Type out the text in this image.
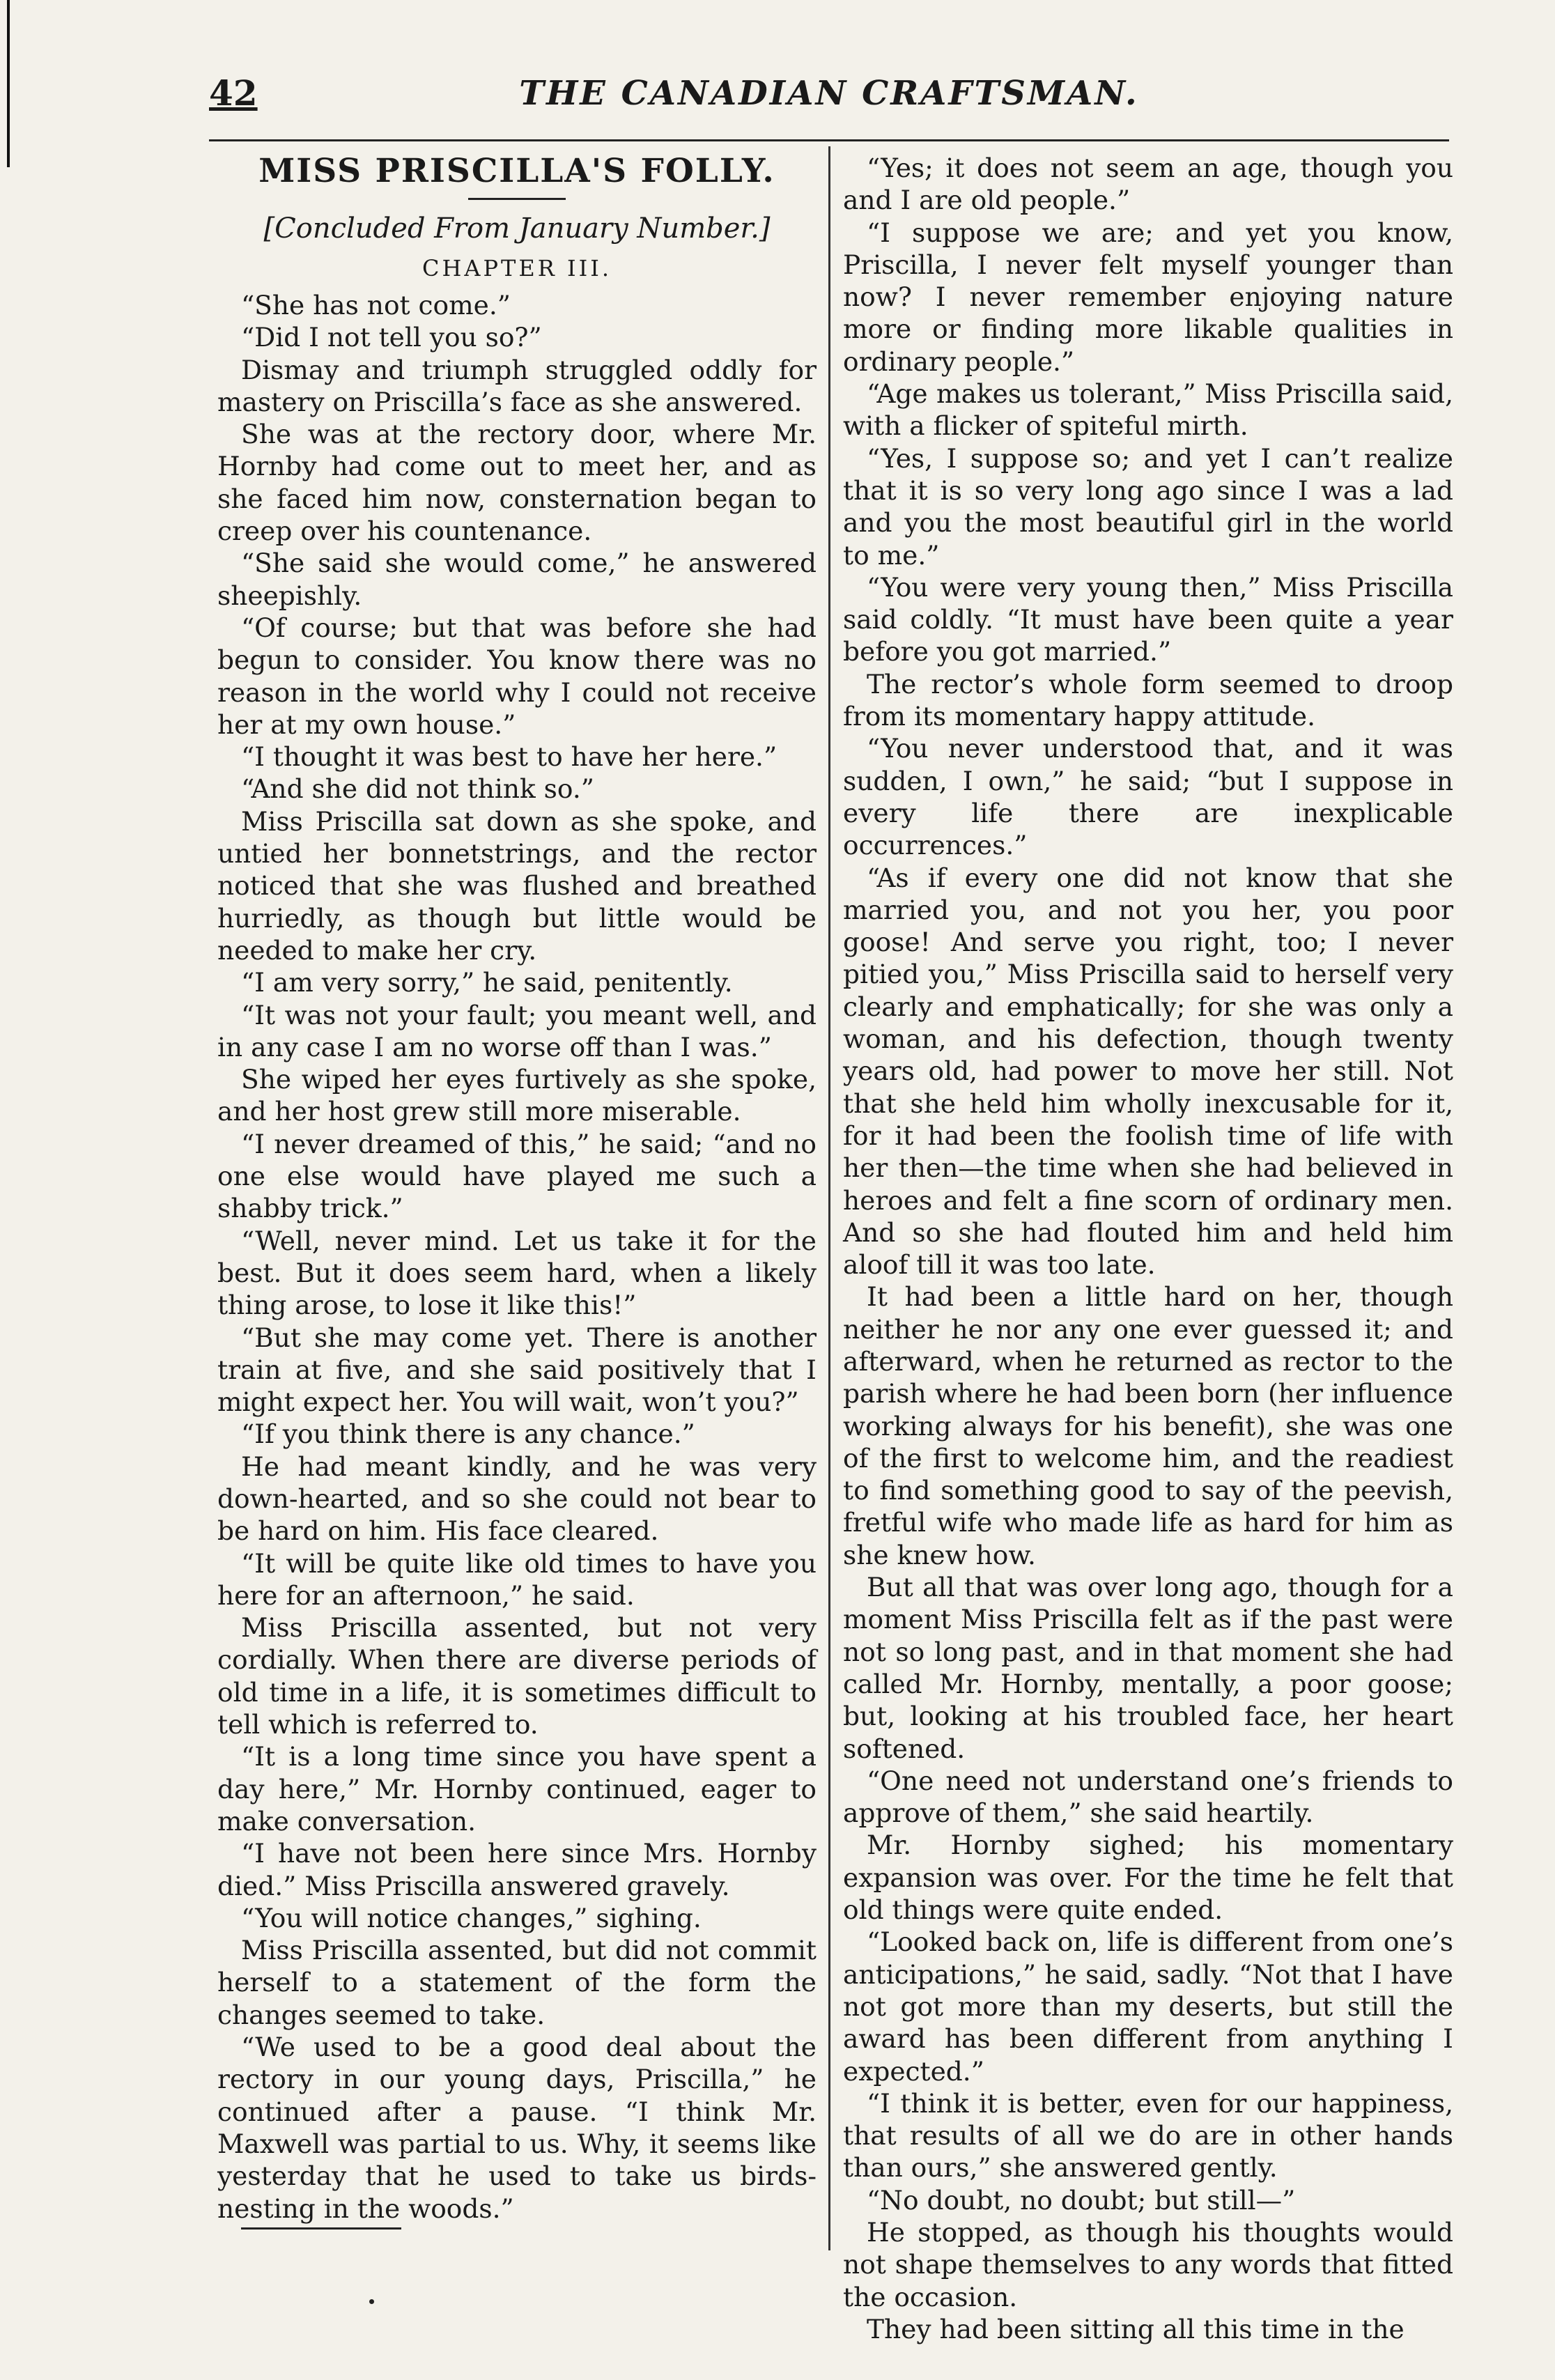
42	THE CANADIAN CRAFTSMAN.
MISS PRISCILLA'S FOLLY.
[Concluded From January Number.]
CHAPTER III.

“She has not come.”

“Did I not tell you so?”

Dismay and triumph struggled oddly for mastery on Priscilla’s face as she answered.

She was at the rectory door, where Mr. Hornby had come out to meet her, and as she faced him now, consternation began to creep over his countenance.

“She said she would come,” he answered sheepishly.

“Of course; but that was before she had begun to consider. You know there was no reason in the world why I could not receive her at my own house.”

“I thought it was best to have her here.”

“And she did not think so.”

Miss Priscilla sat down as she spoke, and untied her bonnetstrings, and the rector noticed that she was flushed and breathed hurriedly, as though but little would be needed to make her cry.

“I am very sorry,” he said, penitently.

“It was not your fault; you meant well, and in any case I am no worse off than I was.”

She wiped her eyes furtively as she spoke, and her host grew still more miserable.

“I never dreamed of this,” he said; “and no one else would have played me such a shabby trick.”

“Well, never mind. Let us take it for the best. But it does seem hard, when a likely thing arose, to lose it like this!”

“But she may come yet. There is another train at five, and she said positively that I might expect her. You will wait, won’t you?”

“If you think there is any chance.”

He had meant kindly, and he was very down-hearted, and so she could not bear to be hard on him. His face cleared.

“It will be quite like old times to have you here for an afternoon,” he said.

Miss Priscilla assented, but not very cordially. When there are diverse periods of old time in a life, it is sometimes difficult to tell which is referred to.

“It is a long time since you have spent a day here,” Mr. Hornby continued, eager to make conversation.

“I have not been here since Mrs. Hornby died.” Miss Priscilla answered gravely.

“You will notice changes,” sighing.

Miss Priscilla assented, but did not commit herself to a statement of the form the changes seemed to take.

“We used to be a good deal about the rectory in our young days, Priscilla,” he continued after a pause. “I think Mr. Maxwell was partial to us. Why, it seems like yesterday that he used to take us birds-nesting in the woods.”

“Yes; it does not seem an age, though you and I are old people.”

“I suppose we are; and yet you know, Priscilla, I never felt myself younger than now? I never remember enjoying nature more or finding more likable qualities in ordinary people.”

“Age makes us tolerant,” Miss Priscilla said, with a flicker of spiteful mirth.

“Yes, I suppose so; and yet I can’t realize that it is so very long ago since I was a lad and you the most beautiful girl in the world to me.”

“You were very young then,” Miss Priscilla said coldly. “It must have been quite a year before you got married.”

The rector’s whole form seemed to droop from its momentary happy attitude.

“You never understood that, and it was sudden, I own,” he said; “but I suppose in every life there are inexplicable occurrences.”

“As if every one did not know that she married you, and not you her, you poor goose! And serve you right, too; I never pitied you,” Miss Priscilla said to herself very clearly and emphatically; for she was only a woman, and his defection, though twenty years old, had power to move her still. Not that she held him wholly inexcusable for it, for it had been the foolish time of life with her then—the time when she had believed in heroes and felt a fine scorn of ordinary men. And so she had flouted him and held him aloof till it was too late.

It had been a little hard on her, though neither he nor any one ever guessed it; and afterward, when he returned as rector to the parish where he had been born (her influence working always for his benefit), she was one of the first to welcome him, and the readiest to find something good to say of the peevish, fretful wife who made life as hard for him as she knew how.

But all that was over long ago, though for a moment Miss Priscilla felt as if the past were not so long past, and in that moment she had called Mr. Hornby, mentally, a poor goose; but, looking at his troubled face, her heart softened.

“One need not understand one’s friends to approve of them,” she said heartily.

Mr. Hornby sighed; his momentary expansion was over. For the time he felt that old things were quite ended.

“Looked back on, life is different from one’s anticipations,” he said, sadly. “Not that I have not got more than my deserts, but still the award has been different from anything I expected.”

“I think it is better, even for our happiness, that results of all we do are in other hands than ours,” she answered gently.

“No doubt, no doubt; but still—”

He stopped, as though his thoughts would not shape themselves to any words that fitted the occasion.

They had been sitting all this time in the
